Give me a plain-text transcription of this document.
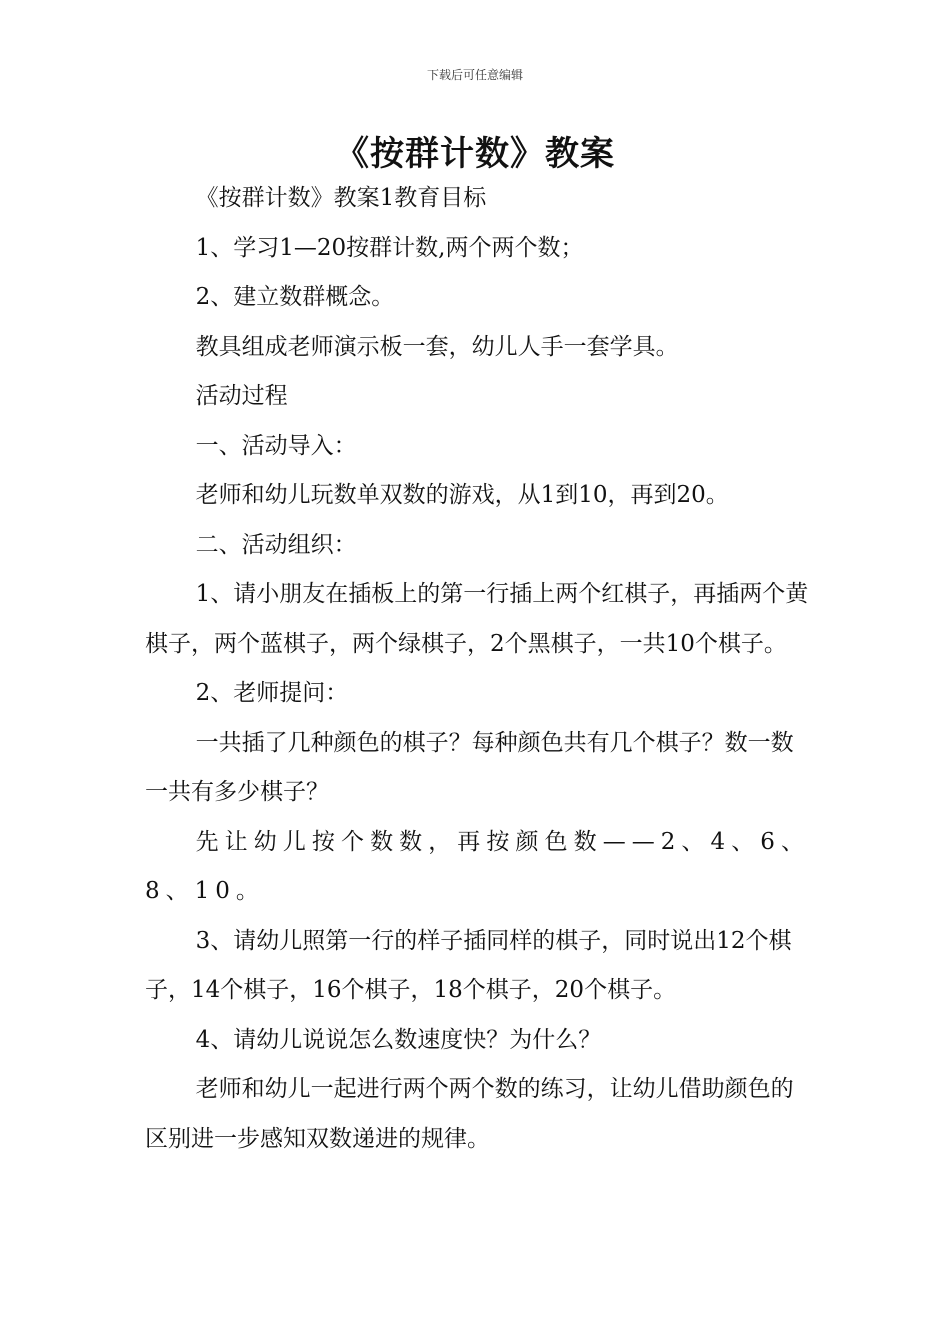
下载后可任意编辑
《按群计数》教案

《按群计数》教案1教育目标

1、学习1—20按群计数,两个两个数；

2、建立数群概念。

教具组成老师演示板一套，幼儿人手一套学具。

活动过程

一、活动导入：

老师和幼儿玩数单双数的游戏，从1到10，再到20。

二、活动组织：

1、请小朋友在插板上的第一行插上两个红棋子，再插两个黄棋子，两个蓝棋子，两个绿棋子，2个黑棋子，一共10个棋子。

2、老师提问：

一共插了几种颜色的棋子？每种颜色共有几个棋子？数一数一共有多少棋子？

先让幼儿按个数数，再按颜色数——2、4、6、8、10。

3、请幼儿照第一行的样子插同样的棋子，同时说出12个棋子，14个棋子，16个棋子，18个棋子，20个棋子。

4、请幼儿说说怎么数速度快？为什么？

老师和幼儿一起进行两个两个数的练习，让幼儿借助颜色的区别进一步感知双数递进的规律。
